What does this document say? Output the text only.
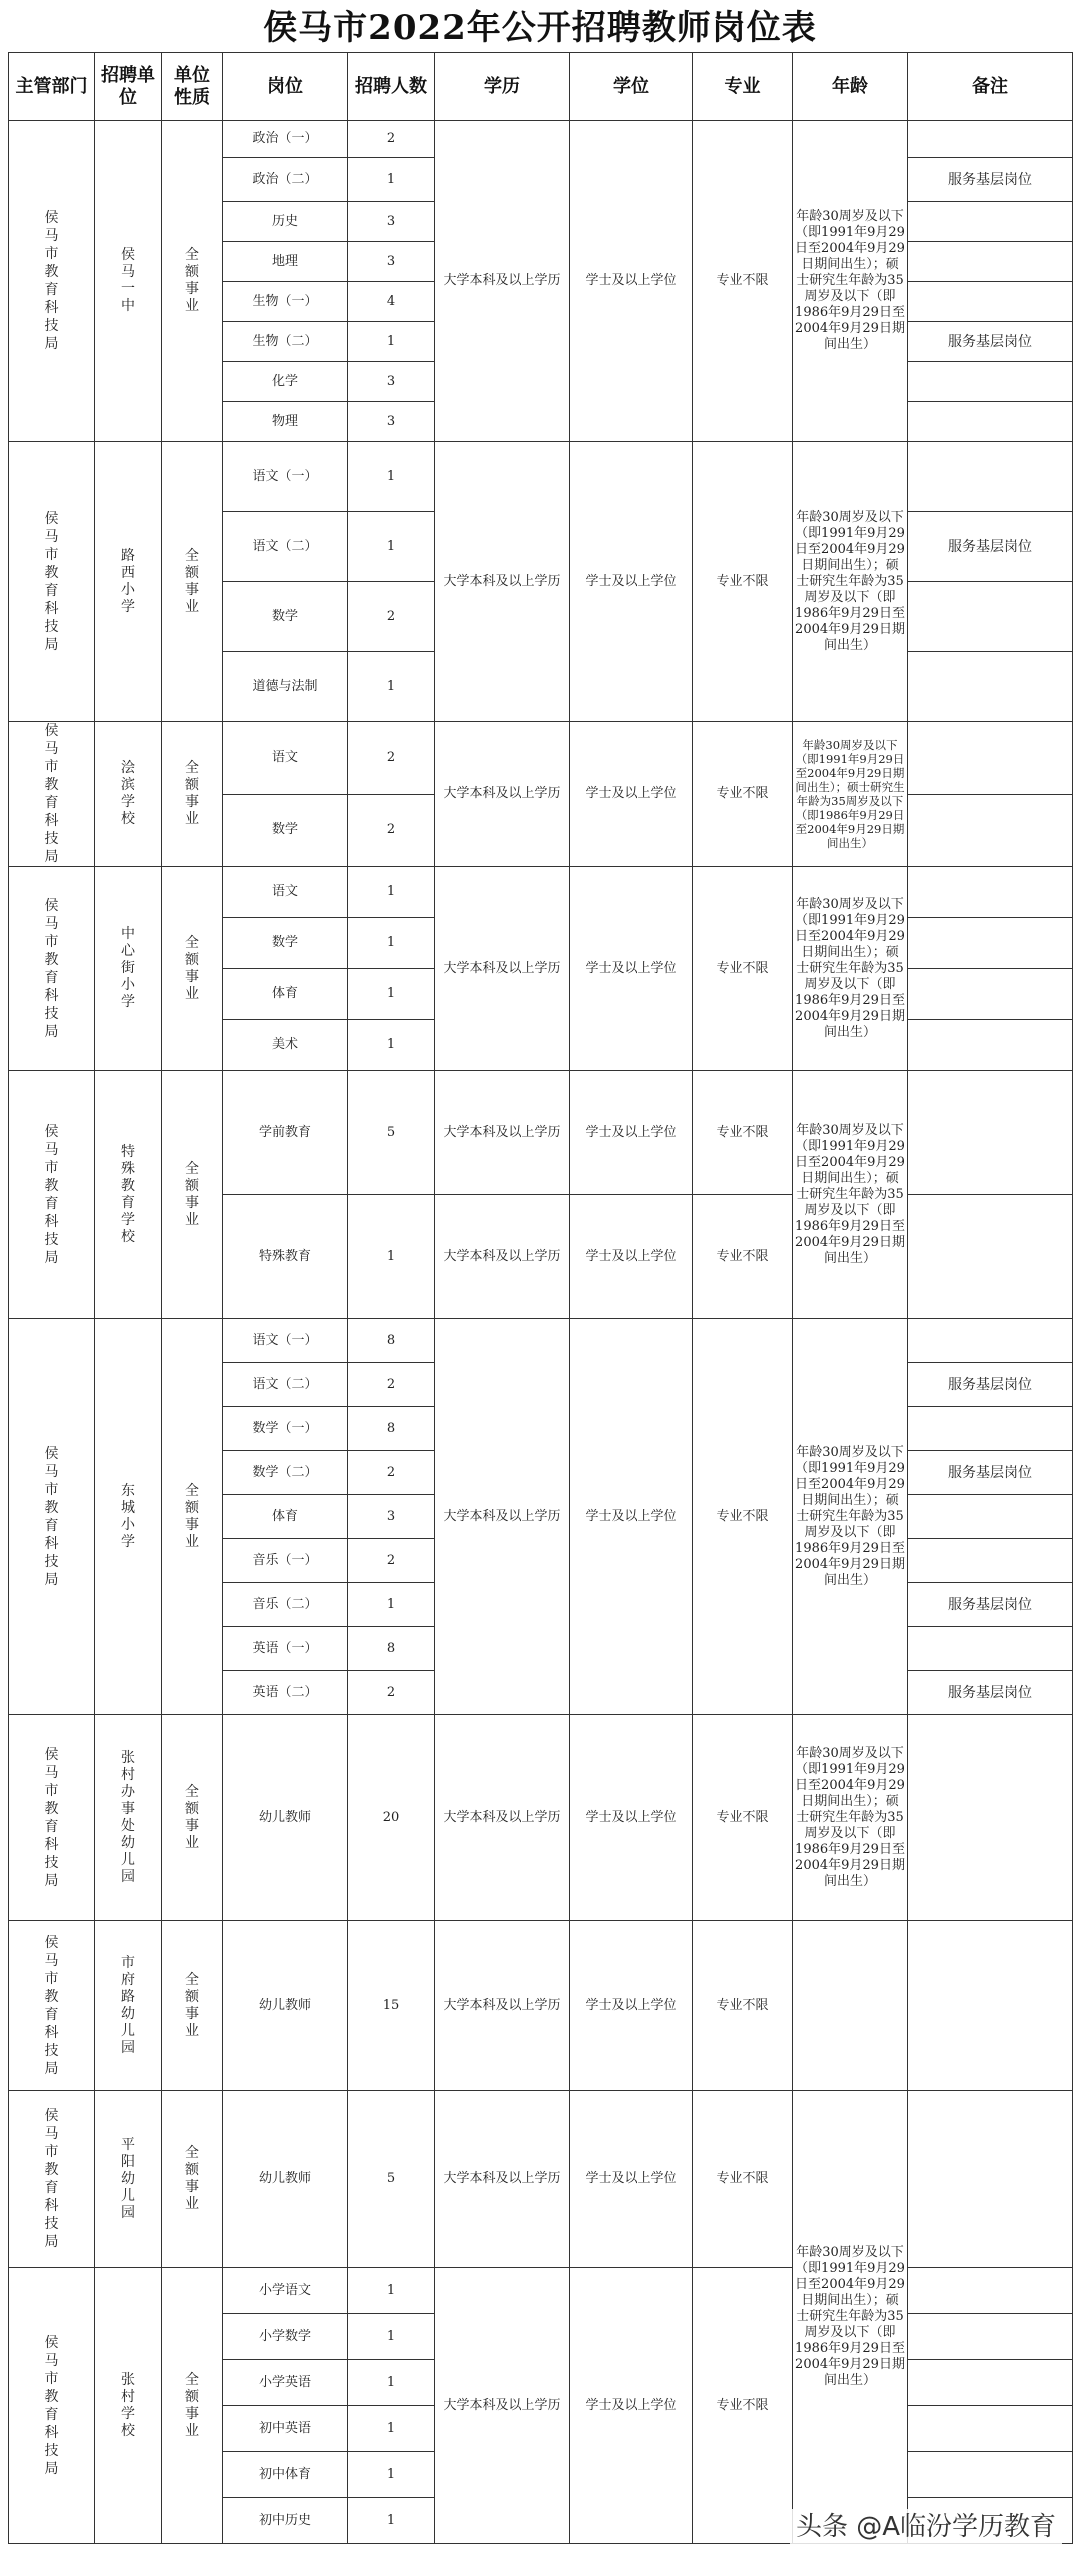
侯马市2022年公开招聘教师岗位表
主管部门	招聘单位	单位性质	岗位	招聘人数	学历	学位	专业	年龄	备注

侯马市教育科技局	侯马一中	全额事业	政治（一）	2	大学本科及以上学历	学士及以上学位	专业不限	年龄30周岁及以下（即1991年9月29日至2004年9月29日期间出生）；硕士研究生年龄为35周岁及以下（即1986年9月29日至2004年9月29日期间出生）	
			政治（二）	1					服务基层岗位
			历史	3					
			地理	3					
			生物（一）	4					
			生物（二）	1					服务基层岗位
			化学	3					
			物理	3					

侯马市教育科技局	路西小学	全额事业	语文（一）	1	大学本科及以上学历	学士及以上学位	专业不限	年龄30周岁及以下（即1991年9月29日至2004年9月29日期间出生）；硕士研究生年龄为35周岁及以下（即1986年9月29日至2004年9月29日期间出生）	
			语文（二）	1					服务基层岗位
			数学	2					
			道德与法制	1					

侯马市教育科技局	浍滨学校	全额事业	语文	2	大学本科及以上学历	学士及以上学位	专业不限	年龄30周岁及以下（即1991年9月29日至2004年9月29日期间出生）；硕士研究生年龄为35周岁及以下（即1986年9月29日至2004年9月29日期间出生）	
			数学	2					

侯马市教育科技局	中心街小学	全额事业	语文	1	大学本科及以上学历	学士及以上学位	专业不限	年龄30周岁及以下（即1991年9月29日至2004年9月29日期间出生）；硕士研究生年龄为35周岁及以下（即1986年9月29日至2004年9月29日期间出生）	
			数学	1					
			体育	1					
			美术	1					

侯马市教育科技局	特殊教育学校	全额事业	学前教育	5	大学本科及以上学历	学士及以上学位	专业不限	年龄30周岁及以下（即1991年9月29日至2004年9月29日期间出生）；硕士研究生年龄为35周岁及以下（即1986年9月29日至2004年9月29日期间出生）	
			特殊教育	1	大学本科及以上学历	学士及以上学位	专业不限		

侯马市教育科技局	东城小学	全额事业	语文（一）	8	大学本科及以上学历	学士及以上学位	专业不限	年龄30周岁及以下（即1991年9月29日至2004年9月29日期间出生）；硕士研究生年龄为35周岁及以下（即1986年9月29日至2004年9月29日期间出生）	
			语文（二）	2					服务基层岗位
			数学（一）	8					
			数学（二）	2					服务基层岗位
			体育	3					
			音乐（一）	2					
			音乐（二）	1					服务基层岗位
			英语（一）	8					
			英语（二）	2					服务基层岗位

侯马市教育科技局	张村办事处幼儿园	全额事业	幼儿教师	20	大学本科及以上学历	学士及以上学位	专业不限	年龄30周岁及以下（即1991年9月29日至2004年9月29日期间出生）；硕士研究生年龄为35周岁及以下（即1986年9月29日至2004年9月29日期间出生）	

侯马市教育科技局	市府路幼儿园	全额事业	幼儿教师	15	大学本科及以上学历	学士及以上学位	专业不限		

侯马市教育科技局	平阳幼儿园	全额事业	幼儿教师	5	大学本科及以上学历	学士及以上学位	专业不限	年龄30周岁及以下（即1991年9月29日至2004年9月29日期间出生）；硕士研究生年龄为35周岁及以下（即1986年9月29日至2004年9月29日期间出生）	

侯马市教育科技局	张村学校	全额事业	小学语文	1	大学本科及以上学历	学士及以上学位	专业不限		
			小学数学	1					
			小学英语	1					
			初中英语	1					
			初中体育	1					
			初中历史	1						头条 @A临汾学历教育
